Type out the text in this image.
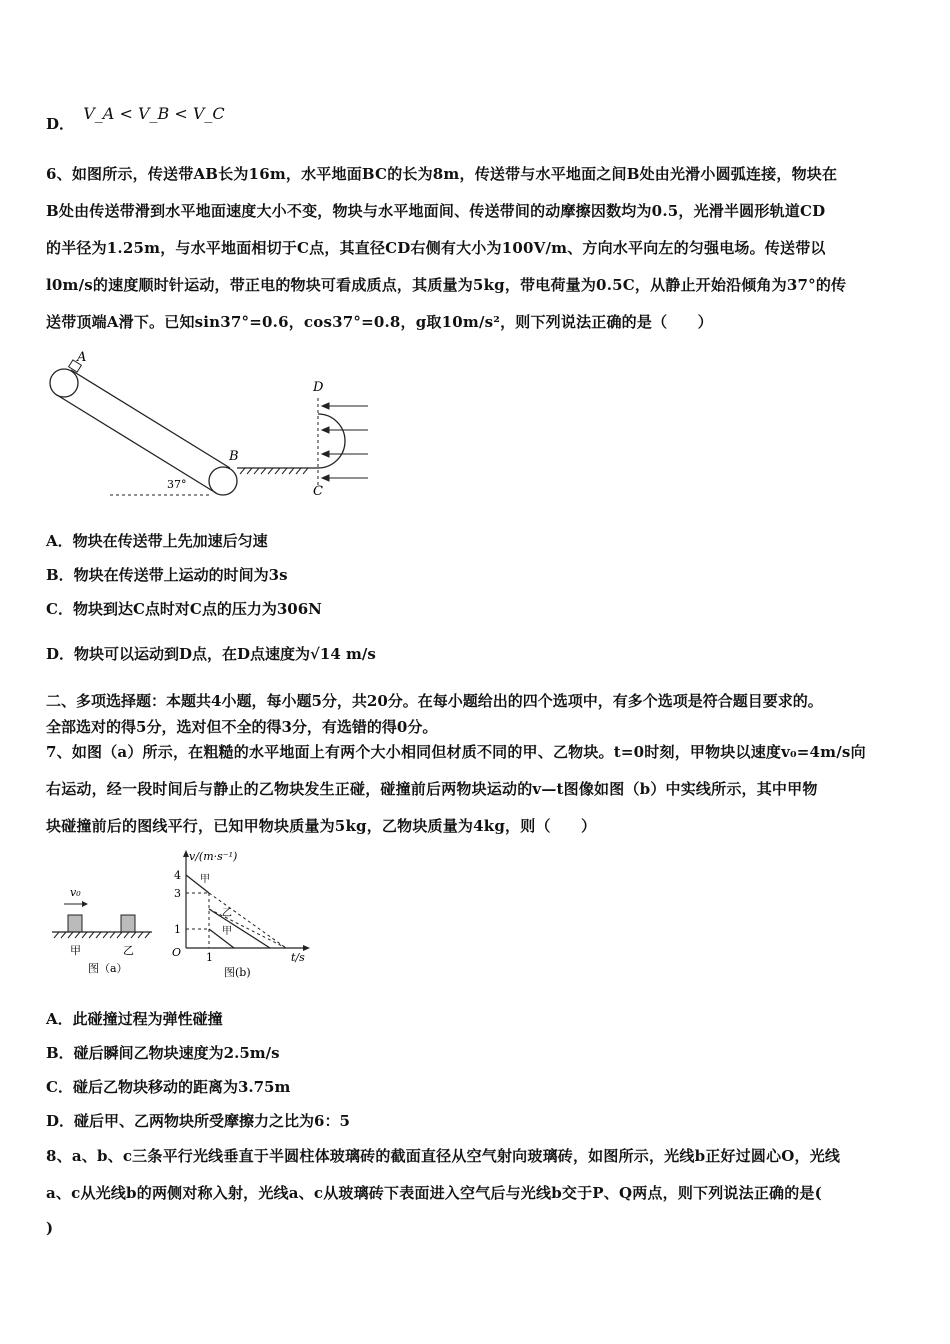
D． V_A < V_B < V_C
6、如图所示，传送带AB长为16m，水平地面BC的长为8m，传送带与水平地面之间B处由光滑小圆弧连接，物块在
B处由传送带滑到水平地面速度大小不变，物块与水平地面间、传送带间的动摩擦因数均为0.5，光滑半圆形轨道CD
的半径为1.25m，与水平地面相切于C点，其直径CD右侧有大小为100V/m、方向水平向左的匀强电场。传送带以
l0m/s的速度顺时针运动，带正电的物块可看成质点，其质量为5kg，带电荷量为0.5C，从静止开始沿倾角为37°的传
送带顶端A滑下。已知sin37°=0.6，cos37°=0.8，g取10m/s²，则下列说法正确的是（　　）
A
B
37°
D
C
A．物块在传送带上先加速后匀速
B．物块在传送带上运动的时间为3s
C．物块到达C点时对C点的压力为306N
D．物块可以运动到D点，在D点速度为√14 m/s
二、多项选择题：本题共4小题，每小题5分，共20分。在每小题给出的四个选项中，有多个选项是符合题目要求的。
全部选对的得5分，选对但不全的得3分，有选错的得0分。
7、如图（a）所示，在粗糙的水平地面上有两个大小相同但材质不同的甲、乙物块。t=0时刻，甲物块以速度v₀=4m/s向
右运动，经一段时间后与静止的乙物块发生正碰，碰撞前后两物块运动的v—t图像如图（b）中实线所示，其中甲物
块碰撞前后的图线平行，已知甲物块质量为5kg，乙物块质量为4kg，则（　　）
v₀
甲	乙
图（a）
v/(m·s⁻¹)
t/s
O
4
3
1
1
甲
乙
甲
图(b)
A．此碰撞过程为弹性碰撞
B．碰后瞬间乙物块速度为2.5m/s
C．碰后乙物块移动的距离为3.75m
D．碰后甲、乙两物块所受摩擦力之比为6：5
8、a、b、c三条平行光线垂直于半圆柱体玻璃砖的截面直径从空气射向玻璃砖，如图所示，光线b正好过圆心O，光线
a、c从光线b的两侧对称入射，光线a、c从玻璃砖下表面进入空气后与光线b交于P、Q两点，则下列说法正确的是(
)
